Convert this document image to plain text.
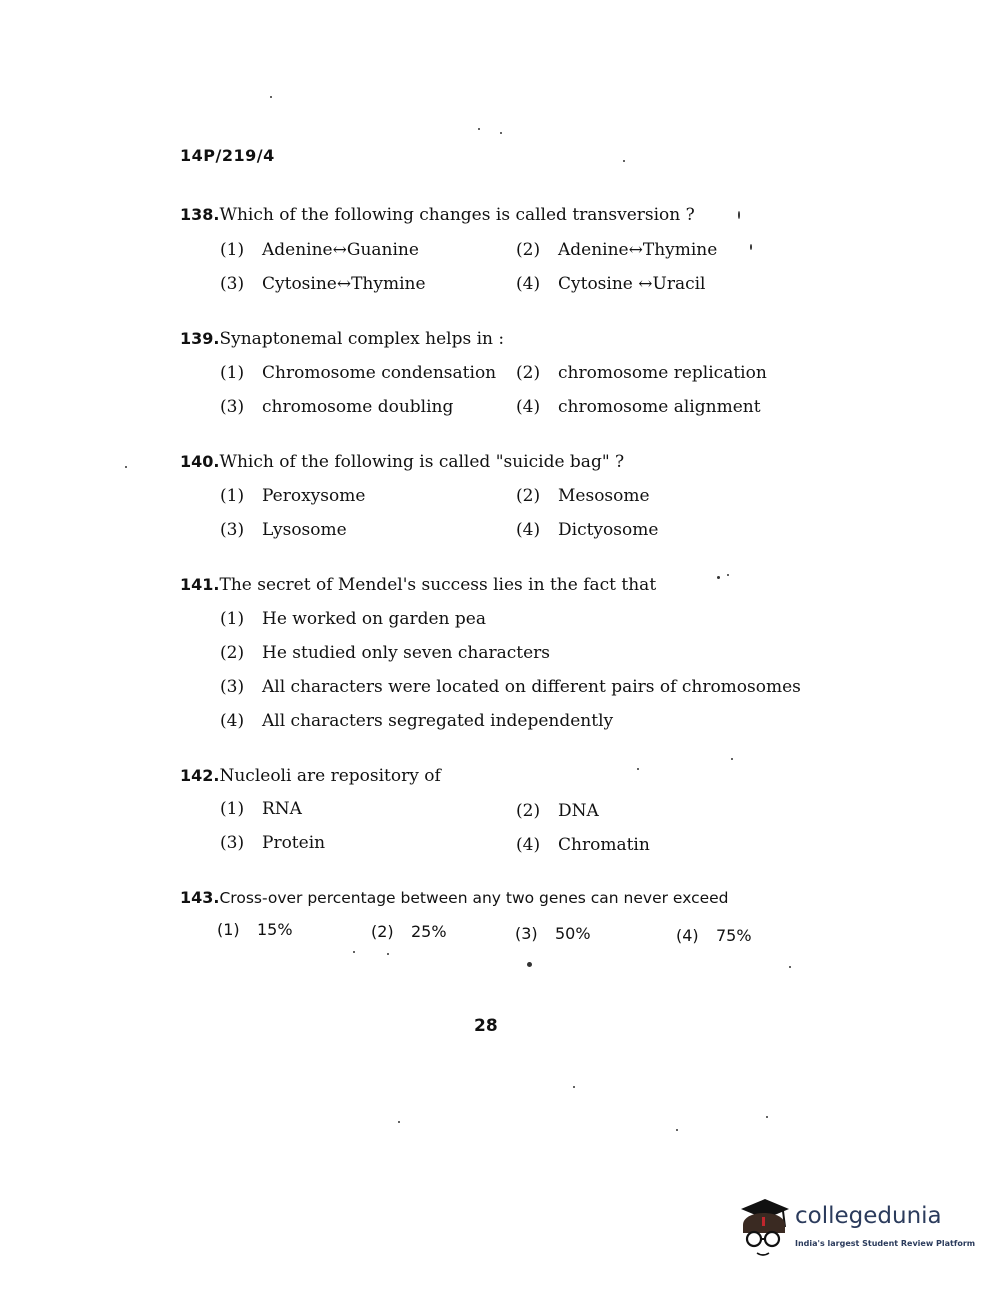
14P/219/4
138.Which of the following changes is called transversion ?
(1) Adenine↔Guanine	(2) Adenine↔Thymine
(3) Cytosine↔Thymine	(4) Cytosine ↔Uracil
139.Synaptonemal complex helps in :
(1) Chromosome condensation (2) chromosome replication
(3) chromosome doubling	(4) chromosome alignment
140.Which of the following is called "suicide bag" ?
(1) Peroxysome	(2) Mesosome
(3) Lysosome	(4) Dictyosome
141.The secret of Mendel's success lies in the fact that
(1) He worked on garden pea
(2) He studied only seven characters
(3) All characters were located on different pairs of chromosomes
(4) All characters segregated independently
142.Nucleoli are repository of
(1) RNA	(2) DNA
(3) Protein	(4) Chromatin
143.Cross-over percentage between any two genes can never exceed
(1) 15%	(2) 25%	(3) 50%	(4) 75%
28
collegedunia
India's largest Student Review Platform
